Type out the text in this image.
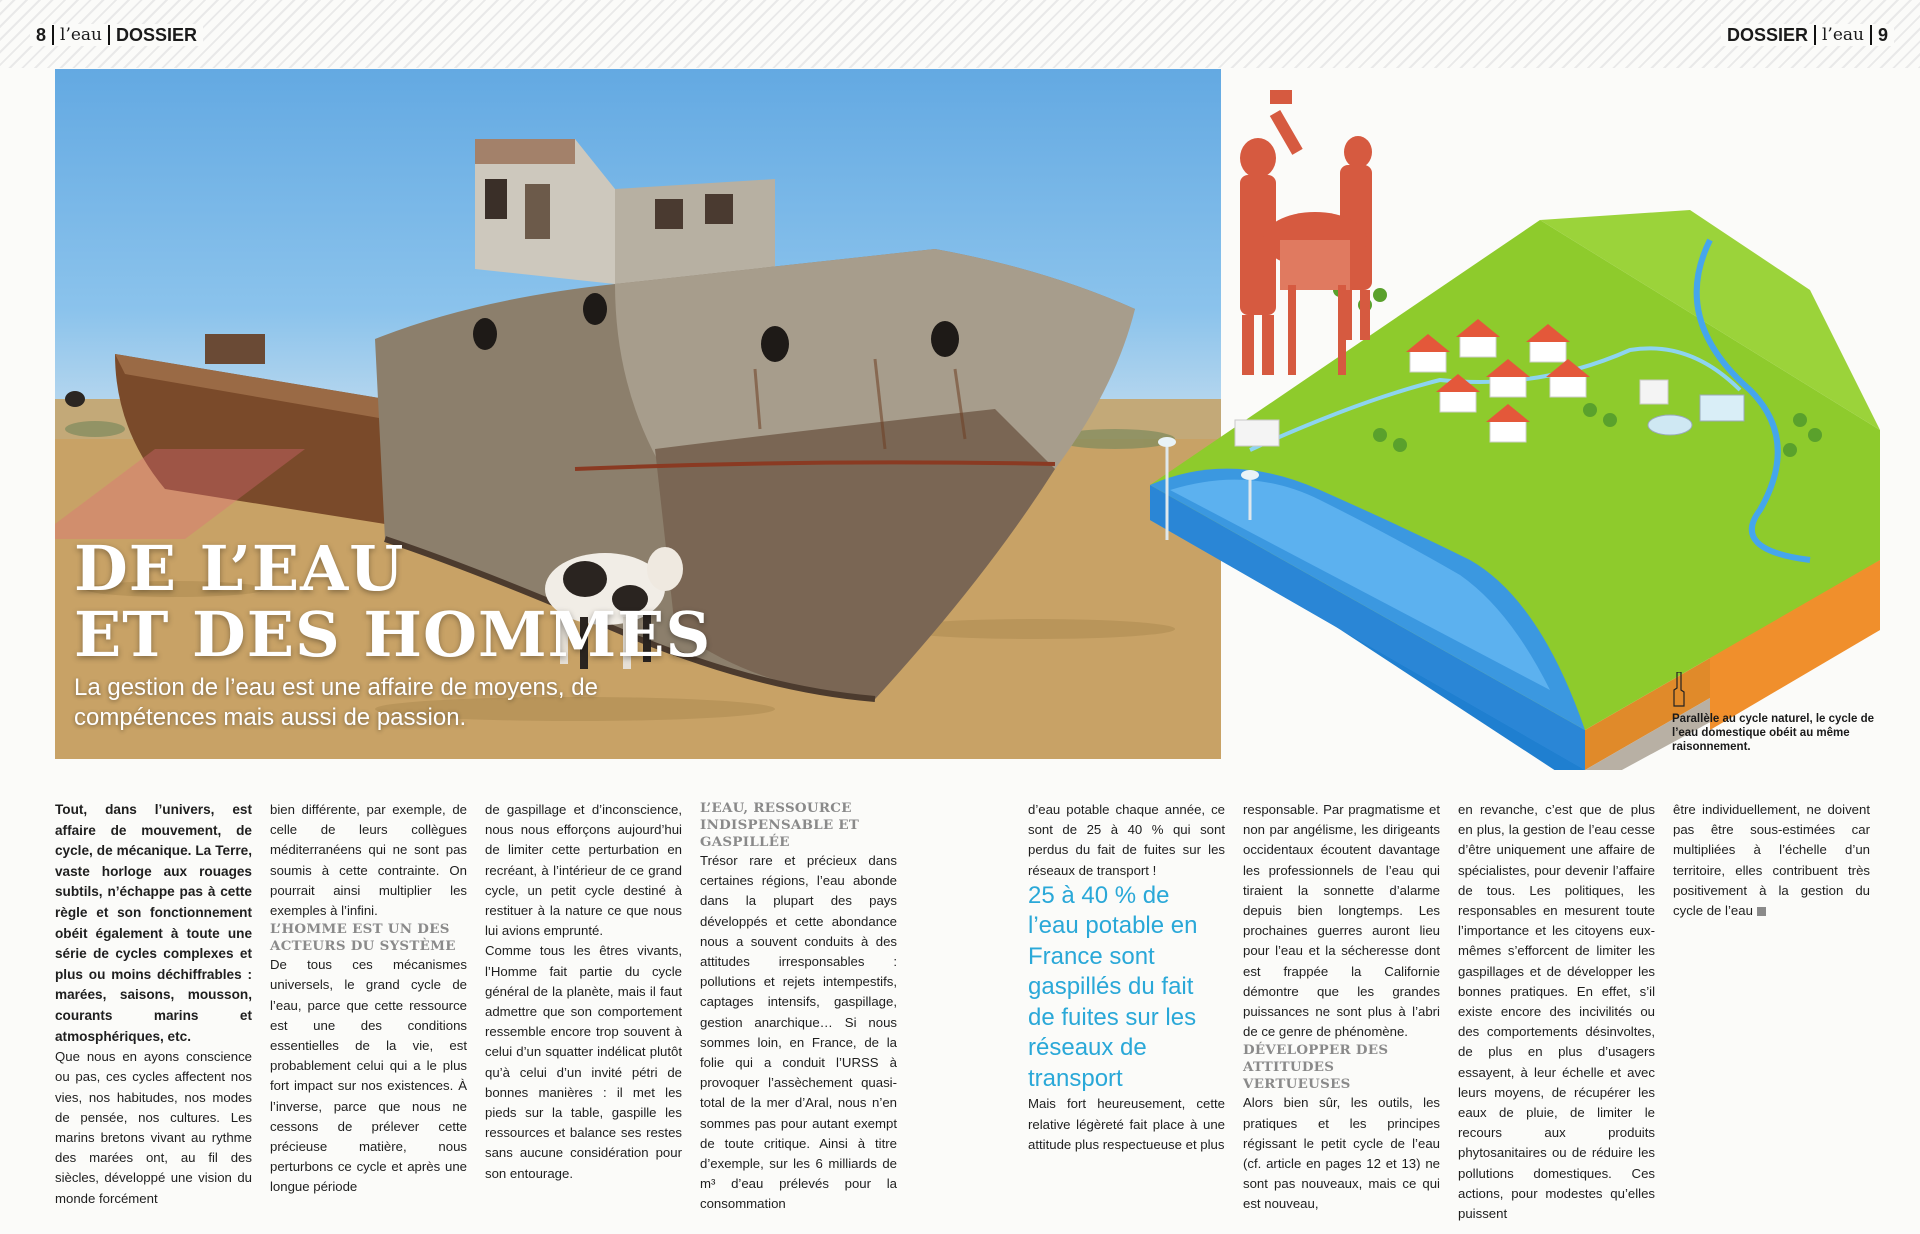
8 l’eau DOSSIER	DOSSIER l’eau 9
DE L’EAU
ET DES HOMMES
La gestion de l’eau est une affaire de moyens, de compétences mais aussi de passion.	Parallèle au cycle naturel, le cycle de l’eau domestique obéit au même raisonnement.

Tout, dans l’univers, est affaire de mouvement, de cycle, de mécanique. La Terre, vaste horloge aux rouages subtils, n’échappe pas à cette règle et son fonctionnement obéit également à toute une série de cycles complexes et plus ou moins déchiffrables : marées, saisons, mousson, courants marins et atmosphériques, etc.

Que nous en ayons conscience ou pas, ces cycles affectent nos vies, nos habitudes, nos modes de pensée, nos cultures. Les marins bretons vivant au rythme des marées ont, au fil des siècles, développé une vision du monde forcément

bien différente, par exemple, de celle de leurs collègues méditerranéens qui ne sont pas soumis à cette contrainte. On pourrait ainsi multiplier les exemples à l’infini.

L’HOMME EST UN DES ACTEURS DU SYSTÈME

De tous ces mécanismes universels, le grand cycle de l’eau, parce que cette ressource est une des conditions essentielles de la vie, est probablement celui qui a le plus fort impact sur nos existences. À l’inverse, parce que nous ne cessons de prélever cette précieuse matière, nous perturbons ce cycle et après une longue période

de gaspillage et d’inconscience, nous nous efforçons aujourd’hui de limiter cette perturbation en recréant, à l’intérieur de ce grand cycle, un petit cycle destiné à restituer à la nature ce que nous lui avions emprunté.

Comme tous les êtres vivants, l’Homme fait partie du cycle général de la planète, mais il faut admettre que son comportement ressemble encore trop souvent à celui d’un squatter indélicat plutôt qu’à celui d’un invité pétri de bonnes manières : il met les pieds sur la table, gaspille les ressources et balance ses restes sans aucune considération pour son entourage.

L’EAU, RESSOURCE INDISPENSABLE ET GASPILLÉE

Trésor rare et précieux dans certaines régions, l’eau abonde dans la plupart des pays développés et cette abondance nous a souvent conduits à des attitudes irresponsables : pollutions et rejets intempestifs, captages intensifs, gaspillage, gestion anarchique… Si nous sommes loin, en France, de la folie qui a conduit l’URSS à provoquer l’assèchement quasi-total de la mer d’Aral, nous n’en sommes pas pour autant exempt de toute critique. Ainsi à titre d’exemple, sur les 6 milliards de m³ d’eau prélevés pour la consommation

d’eau potable chaque année, ce sont de 25 à 40 % qui sont perdus du fait de fuites sur les réseaux de transport !

25 à 40 % de l’eau potable en France sont gaspillés du fait de fuites sur les réseaux de transport

Mais fort heureusement, cette relative légèreté fait place à une attitude plus respectueuse et plus

responsable. Par pragmatisme et non par angélisme, les dirigeants occidentaux écoutent davantage les professionnels de l’eau qui tiraient la sonnette d’alarme depuis bien longtemps. Les prochaines guerres auront lieu pour l’eau et la sécheresse dont est frappée la Californie démontre que les grandes puissances ne sont plus à l’abri de ce genre de phénomène.

DÉVELOPPER DES ATTITUDES VERTUEUSES

Alors bien sûr, les outils, les pratiques et les principes régissant le petit cycle de l’eau (cf. article en pages 12 et 13) ne sont pas nouveaux, mais ce qui est nouveau,

en revanche, c’est que de plus en plus, la gestion de l’eau cesse d’être uniquement une affaire de spécialistes, pour devenir l’affaire de tous. Les politiques, les responsables en mesurent toute l’importance et les citoyens eux-mêmes s’efforcent de limiter les gaspillages et de développer les bonnes pratiques. En effet, s’il existe encore des incivilités ou des comportements désinvoltes, de plus en plus d’usagers essayent, à leur échelle et avec leurs moyens, de récupérer les eaux de pluie, de limiter le recours aux produits phytosanitaires ou de réduire les pollutions domestiques. Ces actions, pour modestes qu’elles puissent

être individuellement, ne doivent pas être sous-estimées car multipliées à l’échelle d’un territoire, elles contribuent très positivement à la gestion du cycle de l’eau
